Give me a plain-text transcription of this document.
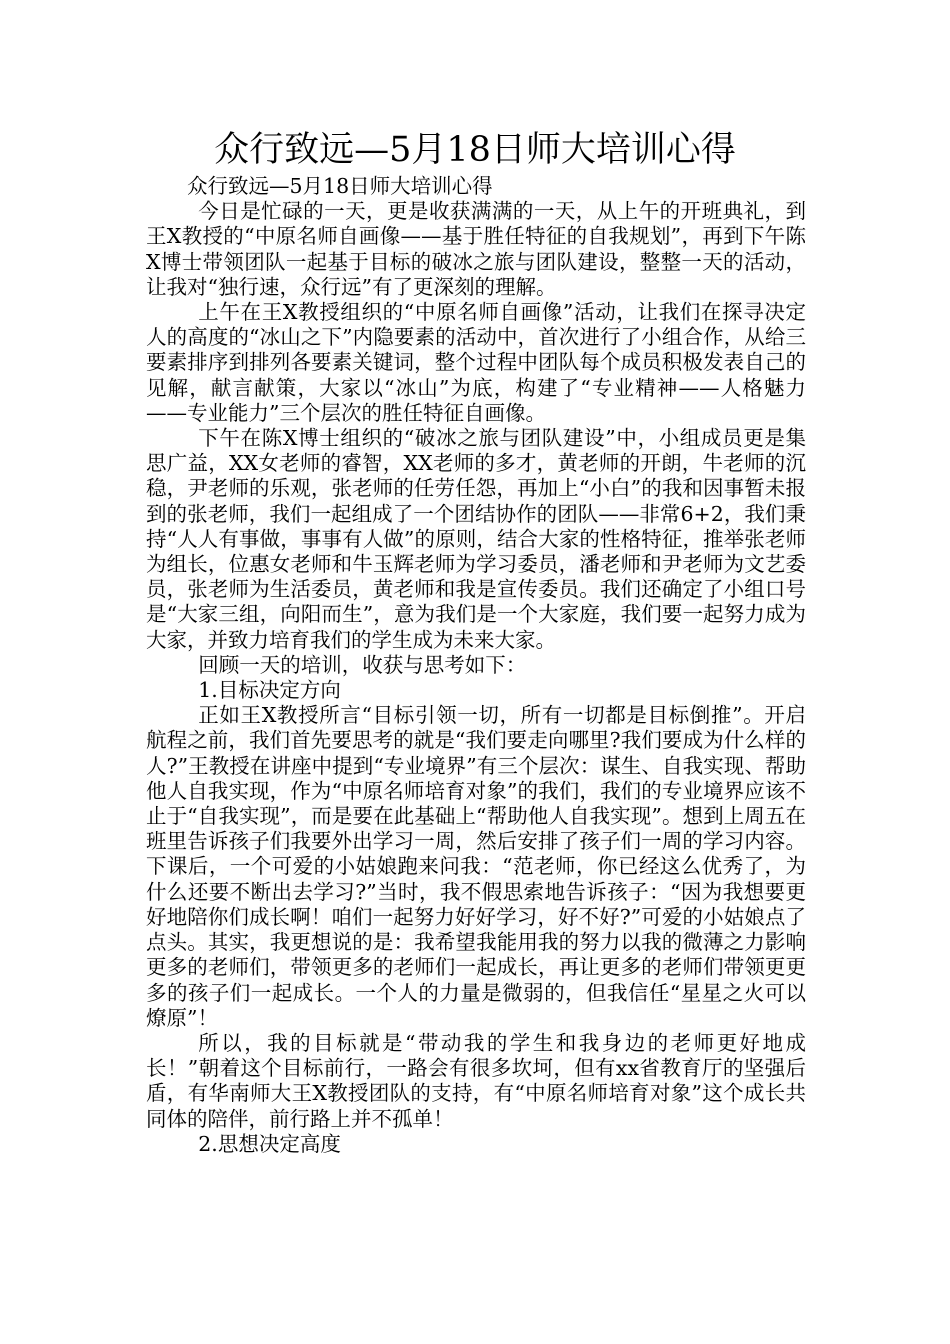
众行致远—5月18日师大培训心得

众行致远—5月18日师大培训心得

今日是忙碌的一天，更是收获满满的一天，从上午的开班典礼，到王X教授的“中原名师自画像——基于胜任特征的自我规划”，再到下午陈X博士带领团队一起基于目标的破冰之旅与团队建设，整整一天的活动，让我对“独行速，众行远”有了更深刻的理解。

上午在王X教授组织的“中原名师自画像”活动，让我们在探寻决定人的高度的“冰山之下”内隐要素的活动中，首次进行了小组合作，从给三要素排序到排列各要素关键词，整个过程中团队每个成员积极发表自己的见解，献言献策，大家以“冰山”为底，构建了“专业精神——人格魅力——专业能力”三个层次的胜任特征自画像。

下午在陈X博士组织的“破冰之旅与团队建设”中，小组成员更是集思广益，XX女老师的睿智，XX老师的多才，黄老师的开朗，牛老师的沉稳，尹老师的乐观，张老师的任劳任怨，再加上“小白”的我和因事暂未报到的张老师，我们一起组成了一个团结协作的团队——非常6+2，我们秉持“人人有事做，事事有人做”的原则，结合大家的性格特征，推举张老师为组长，位惠女老师和牛玉辉老师为学习委员，潘老师和尹老师为文艺委员，张老师为生活委员，黄老师和我是宣传委员。我们还确定了小组口号是“大家三组，向阳而生”，意为我们是一个大家庭，我们要一起努力成为大家，并致力培育我们的学生成为未来大家。

回顾一天的培训，收获与思考如下：

1.目标决定方向

正如王X教授所言“目标引领一切，所有一切都是目标倒推”。开启航程之前，我们首先要思考的就是“我们要走向哪里?我们要成为什么样的人?”王教授在讲座中提到“专业境界”有三个层次：谋生、自我实现、帮助他人自我实现，作为“中原名师培育对象”的我们，我们的专业境界应该不止于“自我实现”，而是要在此基础上“帮助他人自我实现”。想到上周五在班里告诉孩子们我要外出学习一周，然后安排了孩子们一周的学习内容。下课后，一个可爱的小姑娘跑来问我：“范老师，你已经这么优秀了，为什么还要不断出去学习?”当时，我不假思索地告诉孩子：“因为我想要更好地陪你们成长啊！咱们一起努力好好学习，好不好?”可爱的小姑娘点了点头。其实，我更想说的是：我希望我能用我的努力以我的微薄之力影响更多的老师们，带领更多的老师们一起成长，再让更多的老师们带领更更多的孩子们一起成长。一个人的力量是微弱的，但我信任“星星之火可以燎原”！

所以，我的目标就是“带动我的学生和我身边的老师更好地成长！”朝着这个目标前行，一路会有很多坎坷，但有xx省教育厅的坚强后盾，有华南师大王X教授团队的支持，有“中原名师培育对象”这个成长共同体的陪伴，前行路上并不孤单！

2.思想决定高度
